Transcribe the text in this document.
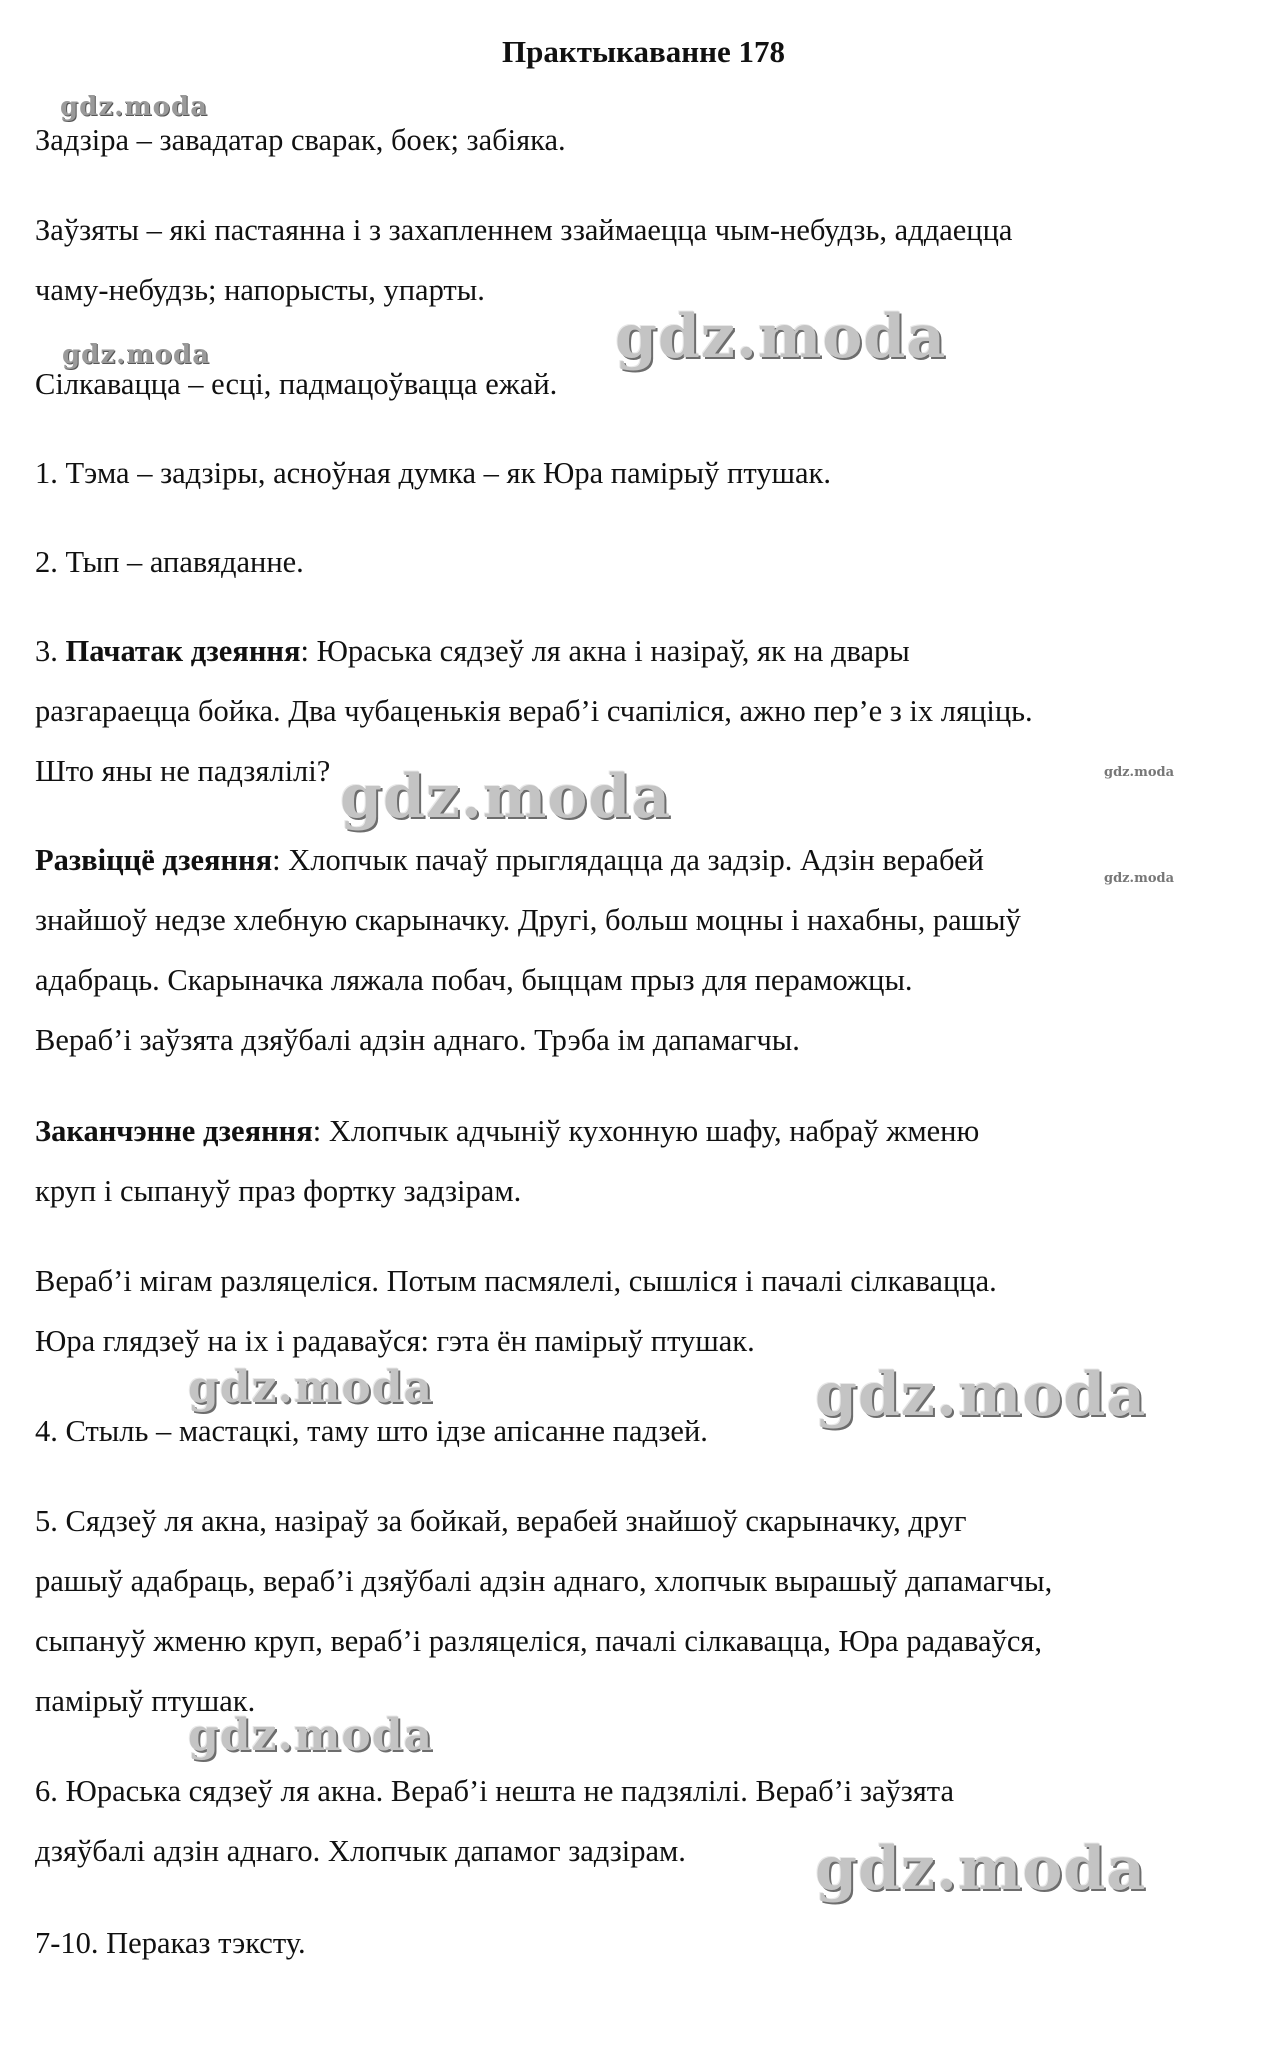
Практыкаванне 178
gdz.moda
gdz.moda
gdz.moda
gdz.moda	gdz.moda
gdz.moda
gdz.moda	gdz.moda
gdz.moda
gdz.moda
Задзіра – завадатар сварак, боек; забіяка.
Заўзяты – які пастаянна і з захапленнем ззаймаецца чым-небудзь, аддаецца
чаму-небудзь; напорысты, упарты.
Сілкавацца – есці, падмацоўвацца ежай.
1. Тэма – задзіры, асноўная думка – як Юра памірыў птушак.
2. Тып – апавяданне.
3. Пачатак дзеяння: Юраська сядзеў ля акна і назіраў, як на двары
разгараецца бойка. Два чубаценькія вераб’і счапіліся, ажно пер’е з іх ляцiць.
Што яны не падзялілі?
Развіццё дзеяння: Хлопчык пачаў прыглядацца да задзір. Адзін верабей
знайшоў недзе хлебную скарыначку. Другі, больш моцны і нахабны, рашыў
адабраць. Скарыначка ляжала побач, быццам прыз для пераможцы.
Вераб’і заўзята дзяўбалі адзін аднаго. Трэба ім дапамагчы.
Заканчэнне дзеяння: Хлопчык адчыніў кухонную шафу, набраў жменю
круп і сыпануў праз фортку задзірам.
Вераб’і мігам разляцеліся. Потым пасмялелі, сышліся і пачалі сілкавацца.
Юра глядзеў на іх і радаваўся: гэта ён памірыў птушак.
4. Стыль – мастацкі, таму што ідзе апісанне падзей.
5. Сядзеў ля акна, назіраў за бойкай, верабей знайшоў скарыначку, друг
рашыў адабраць, вераб’і дзяўбалі адзін аднаго, хлопчык вырашыў дапамагчы,
сыпануў жменю круп, вераб’і разляцеліся, пачалі сілкавацца, Юра радаваўся,
памірыў птушак.
6. Юраська сядзеў ля акна. Вераб’і нешта не падзялілі. Вераб’і заўзята
дзяўбалі адзін аднаго. Хлопчык дапамог задзірам.
7-10. Пераказ тэксту.
